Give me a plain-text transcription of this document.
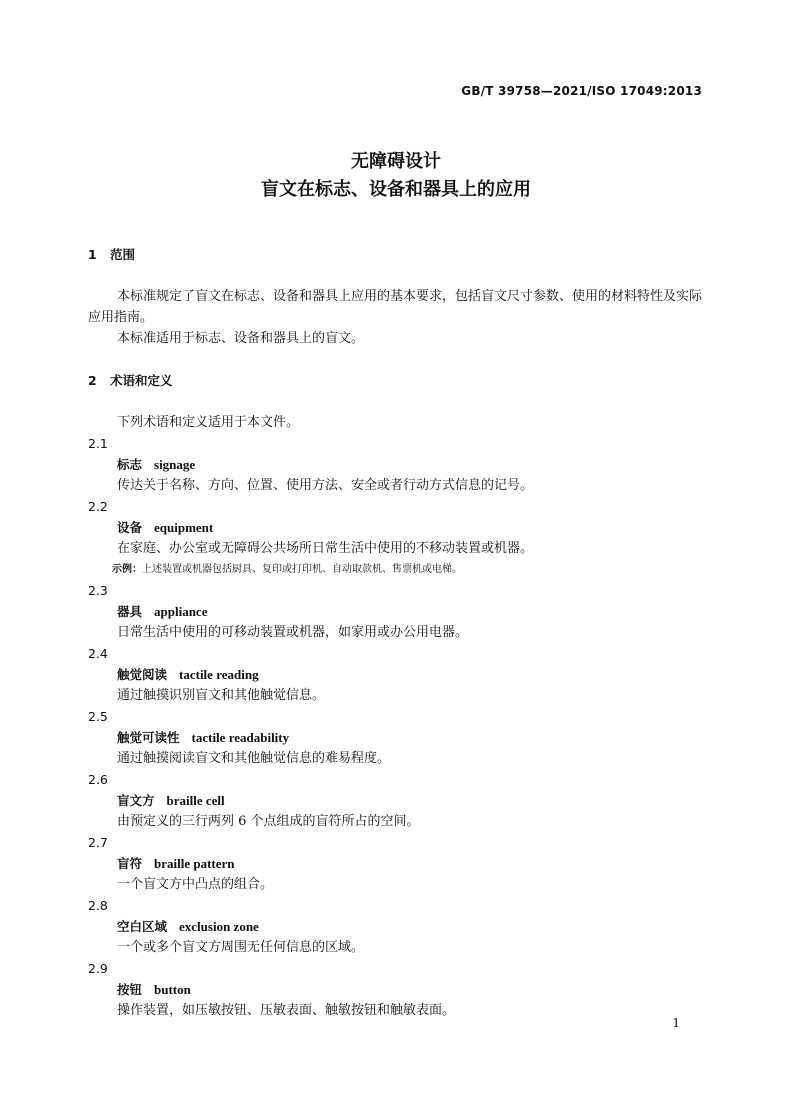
GB/T 39758—2021/ISO 17049:2013
无障碍设计
盲文在标志、设备和器具上的应用
1 范围

本标准规定了盲文在标志、设备和器具上应用的基本要求，包括盲文尺寸参数、使用的材料特性及实际应用指南。

本标准适用于标志、设备和器具上的盲文。

2 术语和定义

下列术语和定义适用于本文件。

2.1
标志 signage
传达关于名称、方向、位置、使用方法、安全或者行动方式信息的记号。
2.2
设备 equipment
在家庭、办公室或无障碍公共场所日常生活中使用的不移动装置或机器。
示例：上述装置或机器包括厨具、复印或打印机、自动取款机、售票机或电梯。
2.3
器具 appliance
日常生活中使用的可移动装置或机器，如家用或办公用电器。
2.4
触觉阅读 tactile reading
通过触摸识别盲文和其他触觉信息。
2.5
触觉可读性 tactile readability
通过触摸阅读盲文和其他触觉信息的难易程度。
2.6
盲文方 braille cell
由预定义的三行两列 6 个点组成的盲符所占的空间。
2.7
盲符 braille pattern
一个盲文方中凸点的组合。
2.8
空白区域 exclusion zone
一个或多个盲文方周围无任何信息的区域。
2.9
按钮 button
操作装置，如压敏按钮、压敏表面、触敏按钮和触敏表面。
1
